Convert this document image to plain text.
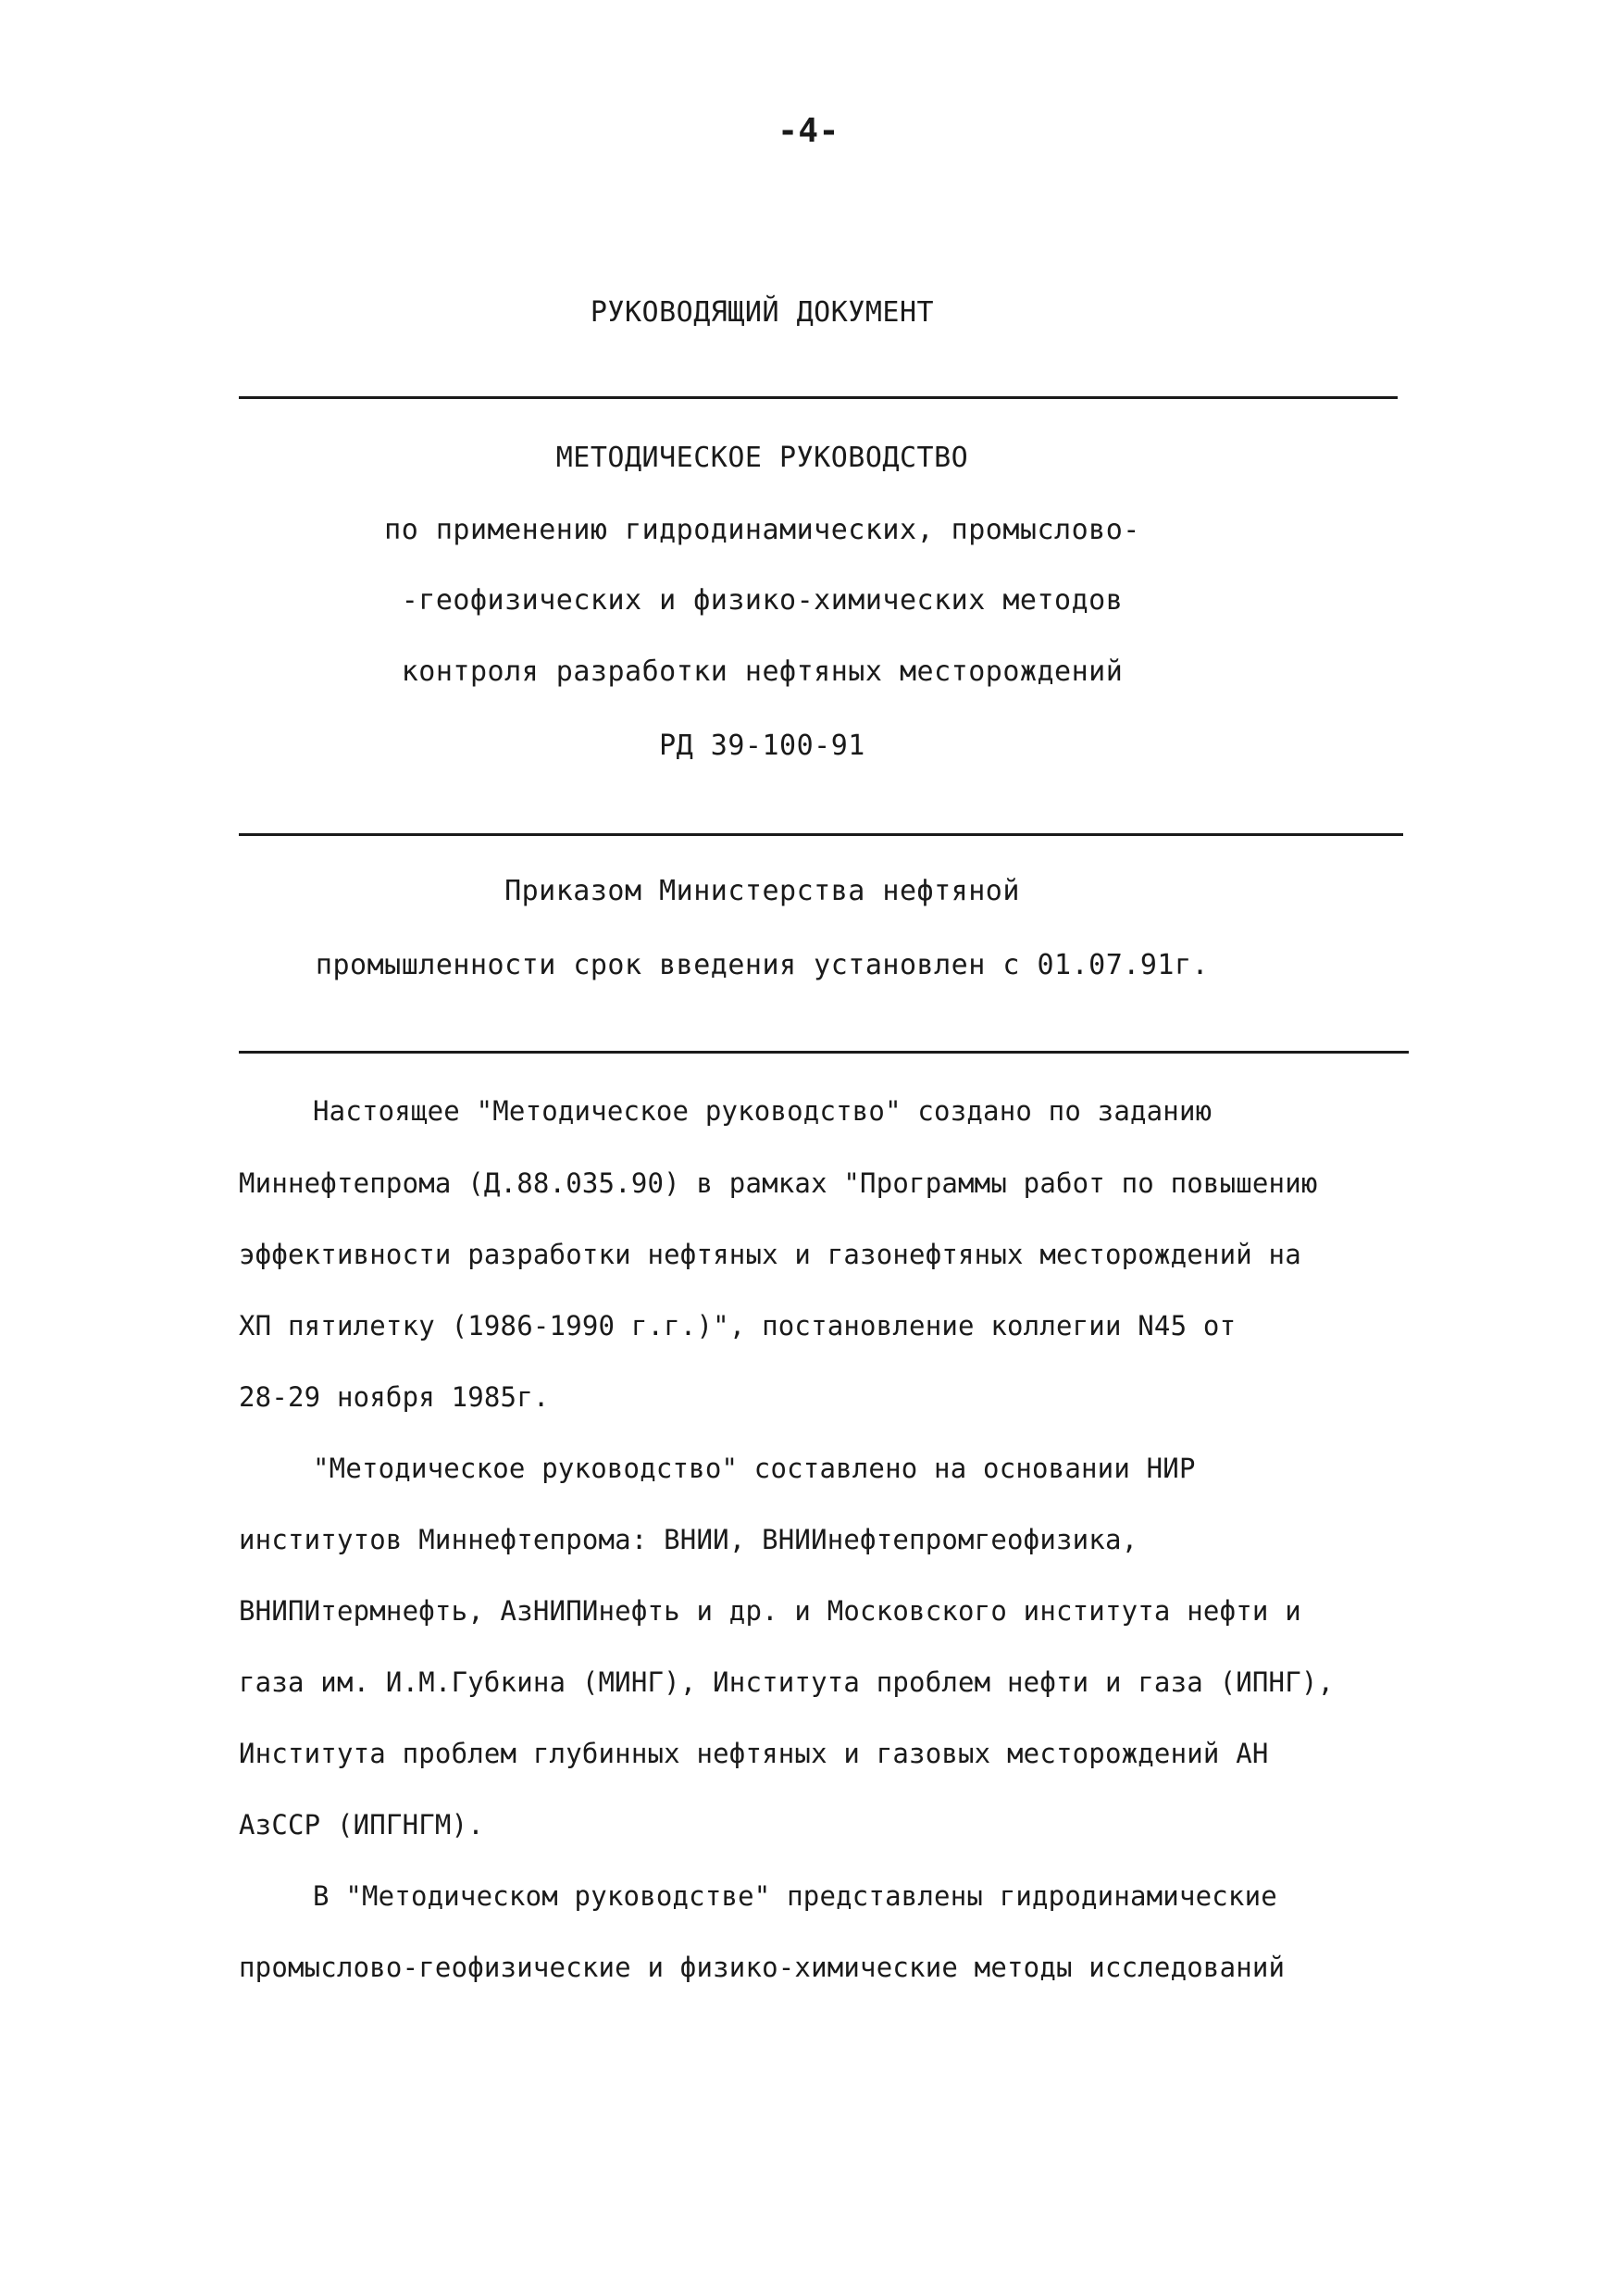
-4-
РУКОВОДЯЩИЙ ДОКУМЕНТ
МЕТОДИЧЕСКОЕ РУКОВОДСТВО
по применению гидродинамических, промыслово-
-геофизических и физико-химических методов
контроля разработки нефтяных месторождений
РД 39-100-91
Приказом Министерства нефтяной
промышленности срок введения установлен с 01.07.91г.
Настоящее "Методическое руководство" создано по заданию
Миннефтепрома (Д.88.035.90) в рамках "Программы работ по повышению
эффективности разработки нефтяных и газонефтяных месторождений на
ХП пятилетку (1986-1990 г.г.)", постановление коллегии N45 от
28-29 ноября 1985г.
"Методическое руководство" составлено на основании НИР
институтов Миннефтепрома: ВНИИ, ВНИИнефтепромгеофизика,
ВНИПИтермнефть, АзНИПИнефть и др. и Московского института нефти и
газа им. И.М.Губкина (МИНГ), Института проблем нефти и газа (ИПНГ),
Института проблем глубинных нефтяных и газовых месторождений АН
АзССР (ИПГНГМ).
В "Методическом руководстве" представлены гидродинамические
промыслово-геофизические и физико-химические методы исследований
